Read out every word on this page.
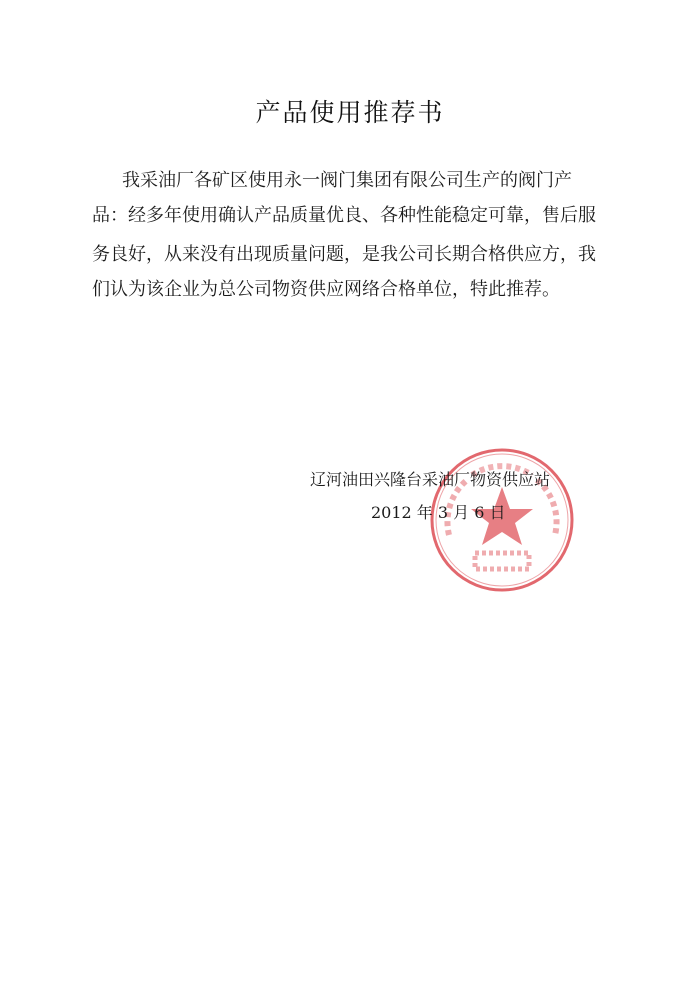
产品使用推荐书
我采油厂各矿区使用永一阀门集团有限公司生产的阀门产
品：经多年使用确认产品质量优良、各种性能稳定可靠，售后服
务良好，从来没有出现质量问题，是我公司长期合格供应方，我
们认为该企业为总公司物资供应网络合格单位，特此推荐。
辽河油田兴隆台采油厂物资供应站
2012 年 3 月 6 日
